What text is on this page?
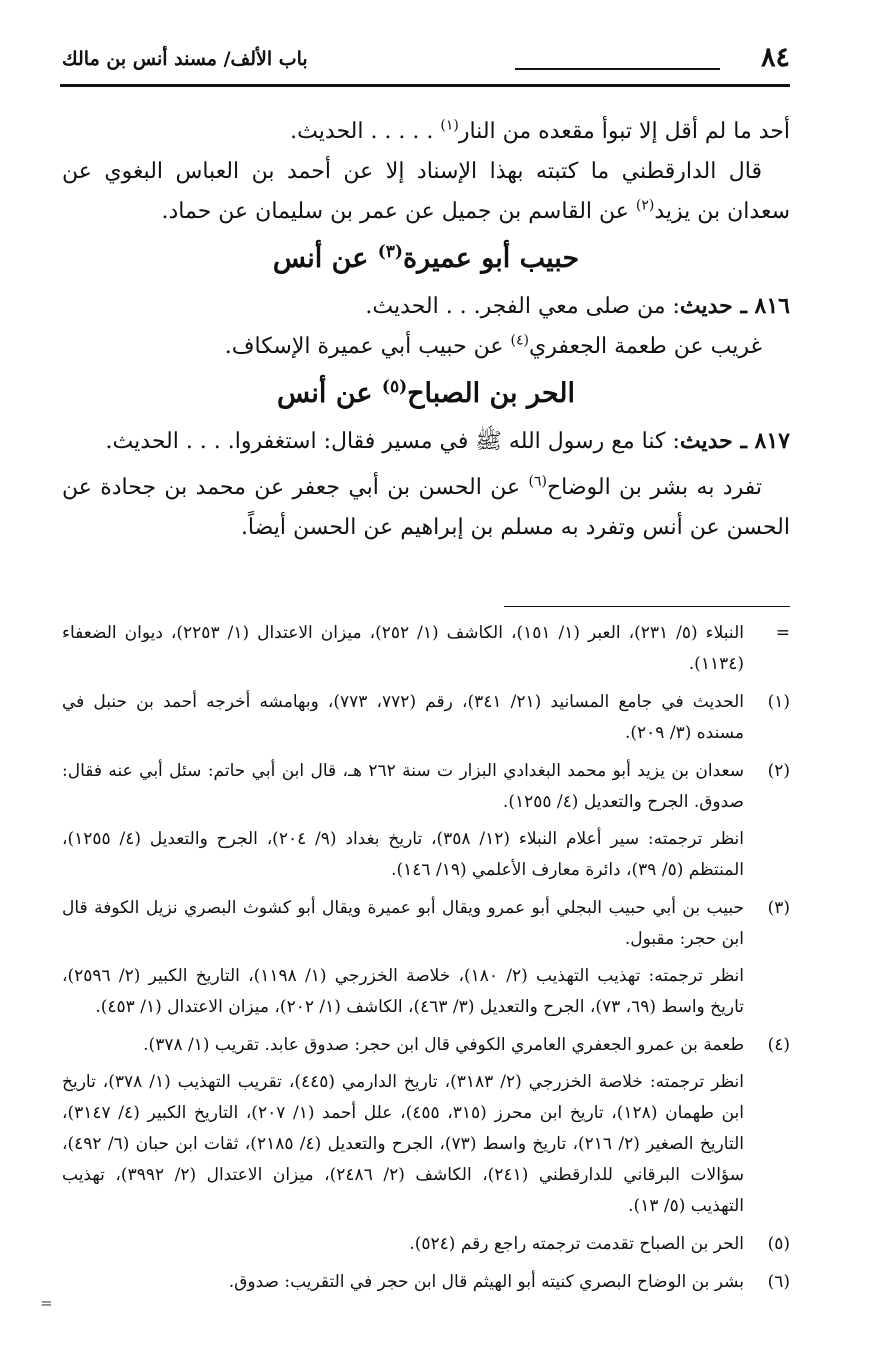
٨٤
باب الألف/ مسند أنس بن مالك

أحد ما لم أقل إلا تبوأ مقعده من النار$^{(١)}$ . . . . . الحديث.

قال الدارقطني ما كتبته بهذا الإسناد إلا عن أحمد بن العباس البغوي عن سعدان بن يزيد$^{(٢)}$ عن القاسم بن جميل عن عمر بن سليمان عن حماد.

حبيب أبو عميرة$^{(٣)}$ عن أنس

٨١٦ ـ حديث: من صلى معي الفجر. . . الحديث.

غريب عن طعمة الجعفري$^{(٤)}$ عن حبيب أبي عميرة الإسكاف.

الحر بن الصباح$^{(٥)}$ عن أنس

٨١٧ ـ حديث: كنا مع رسول الله ﷺ في مسير فقال: استغفروا. . . . الحديث.

تفرد به بشر بن الوضاح$^{(٦)}$ عن الحسن بن أبي جعفر عن محمد بن جحادة عن الحسن عن أنس وتفرد به مسلم بن إبراهيم عن الحسن أيضاً.

=

النبلاء (٥/ ٢٣١)، العبر (١/ ١٥١)، الكاشف (١/ ٢٥٢)، ميزان الاعتدال (١/ ٢٢٥٣)، ديوان الضعفاء (١١٣٤).

(١)

الحديث في جامع المسانيد (٢١/ ٣٤١)، رقم (٧٧٢، ٧٧٣)، وبهامشه أخرجه أحمد بن حنبل في مسنده (٣/ ٢٠٩).

(٢)

سعدان بن يزيد أبو محمد البغدادي البزار ت سنة ٢٦٢ هـ، قال ابن أبي حاتم: سئل أبي عنه فقال: صدوق. الجرح والتعديل (٤/ ١٢٥٥).

انظر ترجمته: سير أعلام النبلاء (١٢/ ٣٥٨)، تاريخ بغداد (٩/ ٢٠٤)، الجرح والتعديل (٤/ ١٢٥٥)، المنتظم (٥/ ٣٩)، دائرة معارف الأعلمي (١٩/ ١٤٦).

(٣)

حبيب بن أبي حبيب البجلي أبو عمرو ويقال أبو عميرة ويقال أبو كشوث البصري نزيل الكوفة قال ابن حجر: مقبول.

انظر ترجمته: تهذيب التهذيب (٢/ ١٨٠)، خلاصة الخزرجي (١/ ١١٩٨)، التاريخ الكبير (٢/ ٢٥٩٦)، تاريخ واسط (٦٩، ٧٣)، الجرح والتعديل (٣/ ٤٦٣)، الكاشف (١/ ٢٠٢)، ميزان الاعتدال (١/ ٤٥٣).

(٤)

طعمة بن عمرو الجعفري العامري الكوفي قال ابن حجر: صدوق عابد. تقريب (١/ ٣٧٨).

انظر ترجمته: خلاصة الخزرجي (٢/ ٣١٨٣)، تاريخ الدارمي (٤٤٥)، تقريب التهذيب (١/ ٣٧٨)، تاريخ ابن طهمان (١٢٨)، تاريخ ابن محرز (٣١٥، ٤٥٥)، علل أحمد (١/ ٢٠٧)، التاريخ الكبير (٤/ ٣١٤٧)، التاريخ الصغير (٢/ ٢١٦)، تاريخ واسط (٧٣)، الجرح والتعديل (٤/ ٢١٨٥)، ثقات ابن حبان (٦/ ٤٩٢)، سؤالات البرقاني للدارقطني (٢٤١)، الكاشف (٢/ ٢٤٨٦)، ميزان الاعتدال (٢/ ٣٩٩٢)، تهذيب التهذيب (٥/ ١٣).

(٥)

الحر بن الصباح تقدمت ترجمته راجع رقم (٥٢٤).

(٦)

بشر بن الوضاح البصري كنيته أبو الهيثم قال ابن حجر في التقريب: صدوق.

=
